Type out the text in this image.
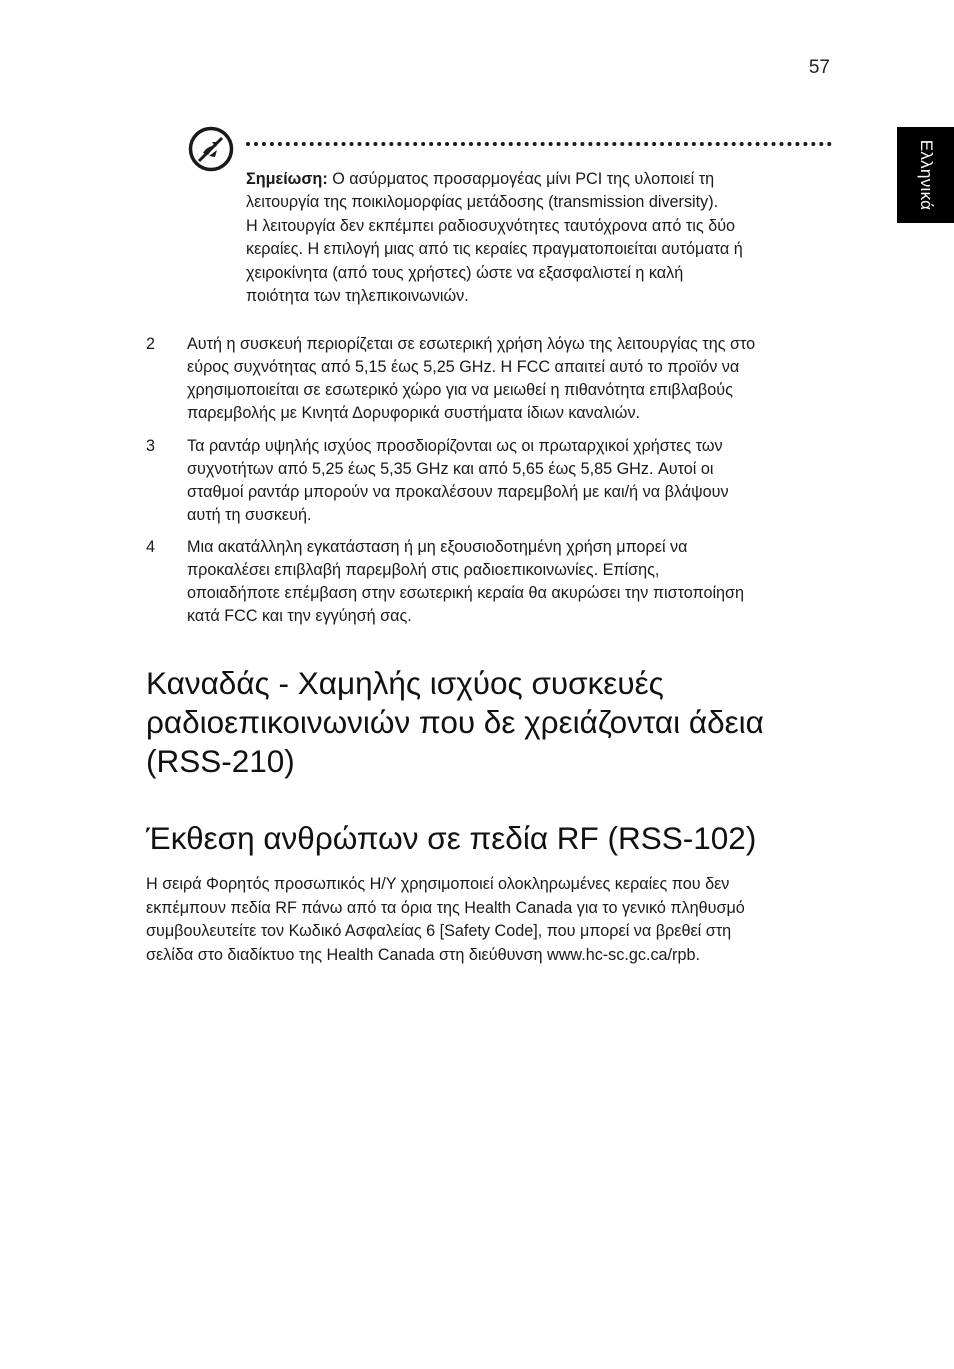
57
Ελληνικά
Σημείωση: Ο ασύρματος προσαρμογέας μίνι PCI της υλοποιεί τη
λειτουργία της ποικιλομορφίας μετάδοσης (transmission diversity).
Η λειτουργία δεν εκπέμπει ραδιοσυχνότητες ταυτόχρονα από τις δύο
κεραίες. Η επιλογή μιας από τις κεραίες πραγματοποιείται αυτόματα ή
χειροκίνητα (από τους χρήστες) ώστε να εξασφαλιστεί η καλή
ποιότητα των τηλεπικοινωνιών.
2 Αυτή η συσκευή περιορίζεται σε εσωτερική χρήση λόγω της λειτουργίας της στο
εύρος συχνότητας από 5,15 έως 5,25 GHz. Η FCC απαιτεί αυτό το προϊόν να
χρησιμοποιείται σε εσωτερικό χώρο για να μειωθεί η πιθανότητα επιβλαβούς
παρεμβολής με Κινητά Δορυφορικά συστήματα ίδιων καναλιών.
3 Τα ραντάρ υψηλής ισχύος προσδιορίζονται ως οι πρωταρχικοί χρήστες των
συχνοτήτων από 5,25 έως 5,35 GHz και από 5,65 έως 5,85 GHz. Αυτοί οι
σταθμοί ραντάρ μπορούν να προκαλέσουν παρεμβολή με και/ή να βλάψουν
αυτή τη συσκευή.
4 Μια ακατάλληλη εγκατάσταση ή μη εξουσιοδοτημένη χρήση μπορεί να
προκαλέσει επιβλαβή παρεμβολή στις ραδιοεπικοινωνίες. Επίσης,
οποιαδήποτε επέμβαση στην εσωτερική κεραία θα ακυρώσει την πιστοποίηση
κατά FCC και την εγγύησή σας.
Καναδάς - Χαμηλής ισχύος συσκευές
ραδιοεπικοινωνιών που δε χρειάζονται άδεια
(RSS-210)
Έκθεση ανθρώπων σε πεδία RF (RSS-102)
Η σειρά Φορητός προσωπικός Η/Υ χρησιμοποιεί ολοκληρωμένες κεραίες που δεν
εκπέμπουν πεδία RF πάνω από τα όρια της Health Canada για το γενικό πληθυσμό
συμβουλευτείτε τον Κωδικό Ασφαλείας 6 [Safety Code], που μπορεί να βρεθεί στη
σελίδα στο διαδίκτυο της Health Canada στη διεύθυνση www.hc-sc.gc.ca/rpb.
